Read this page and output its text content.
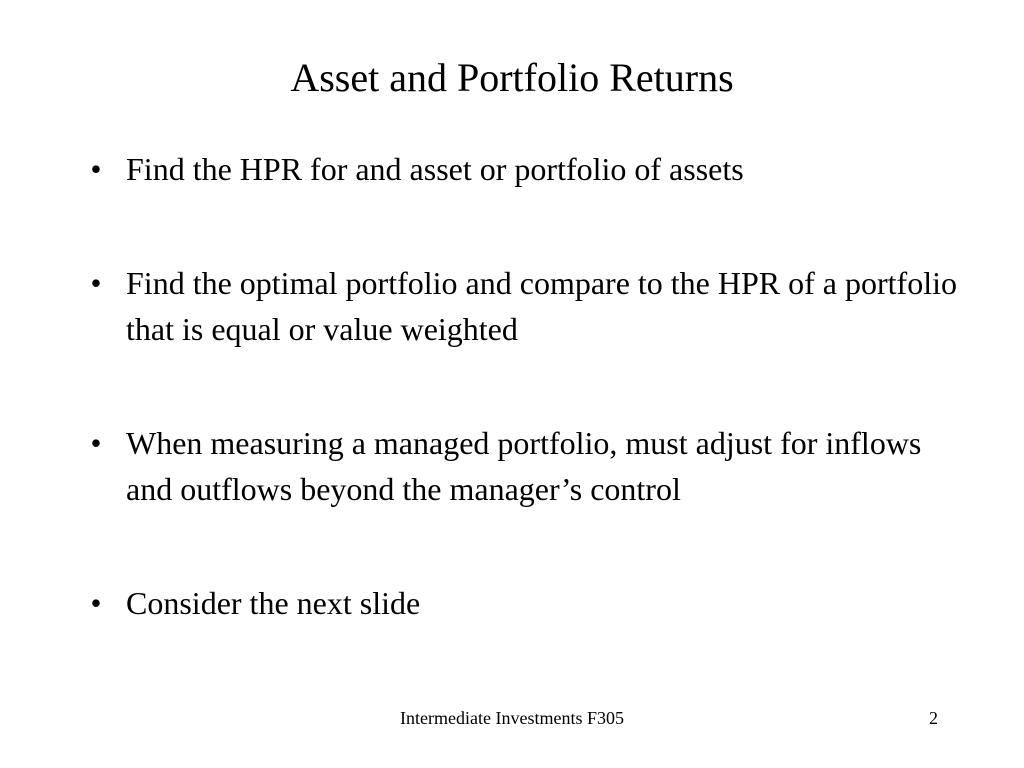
Asset and Portfolio Returns
• Find the HPR for and asset or portfolio of assets
• Find the optimal portfolio and compare to the HPR of a portfolio that is equal or value weighted
• When measuring a managed portfolio, must adjust for inflows and outflows beyond the manager’s control
• Consider the next slide
Intermediate Investments F305	2
